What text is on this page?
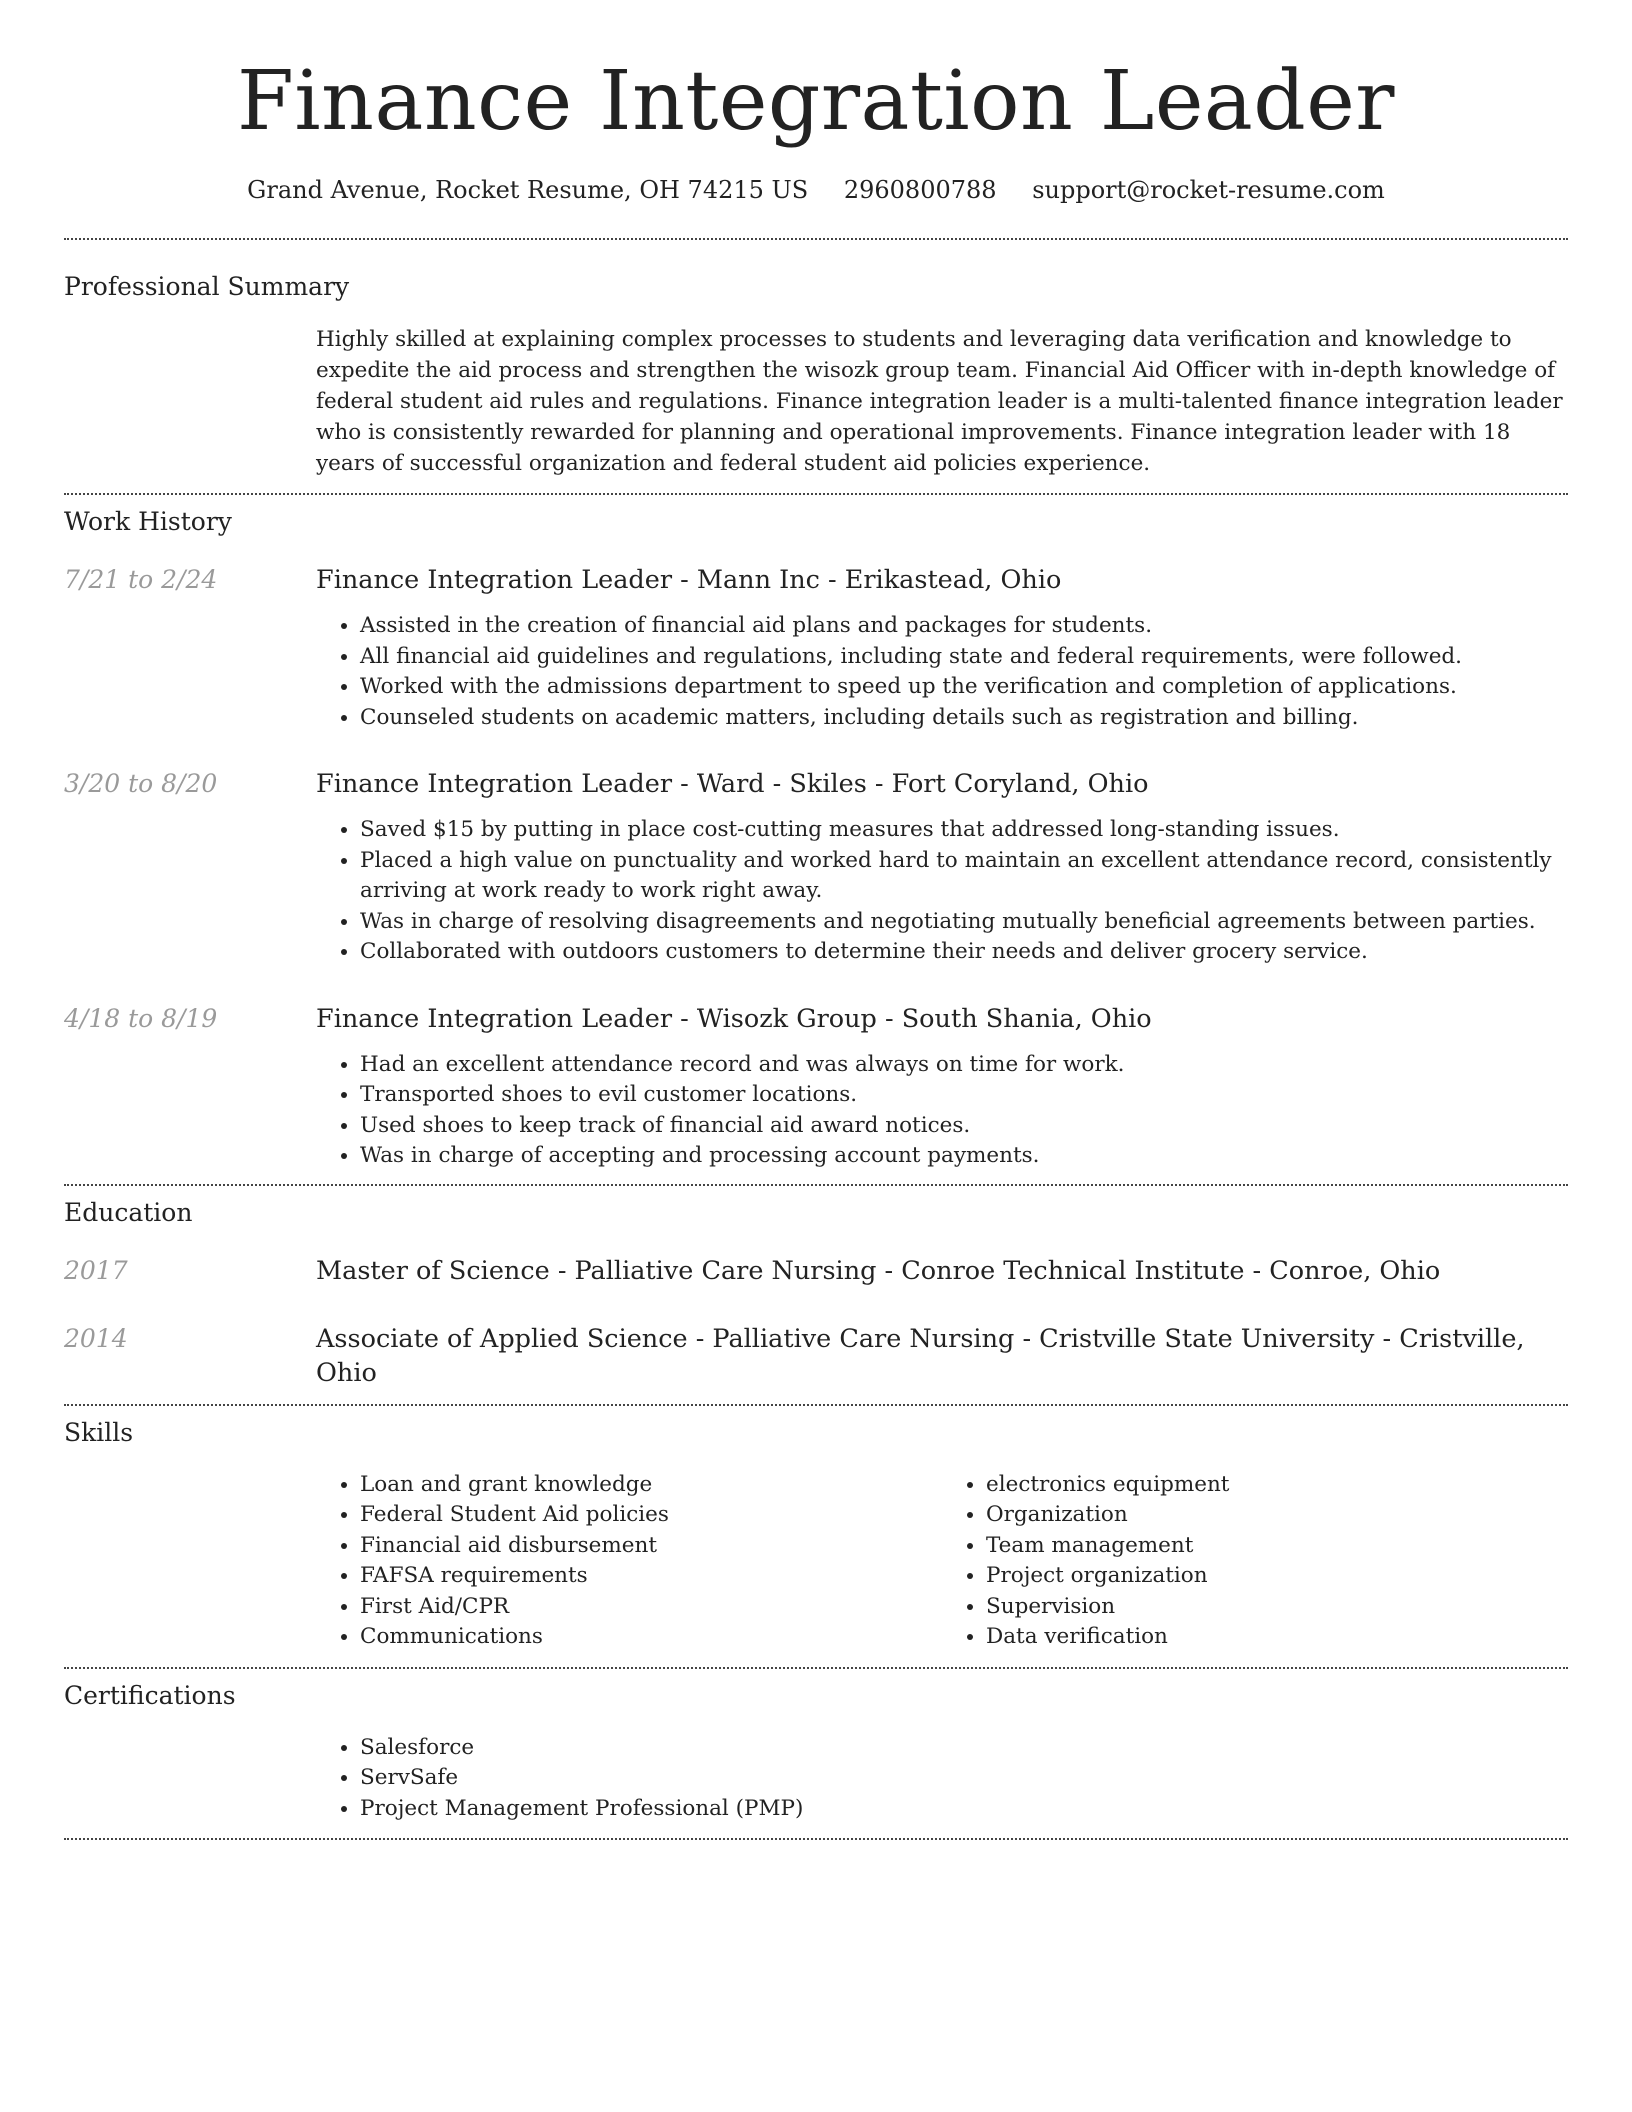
Finance Integration Leader
Grand Avenue, Rocket Resume, OH 74215 US 2960800788 support@rocket-resume.com
Professional Summary

Highly skilled at explaining complex processes to students and leveraging data verification and knowledge to expedite the aid process and strengthen the wisozk group team. Financial Aid Officer with in-depth knowledge of federal student aid rules and regulations. Finance integration leader is a multi-talented finance integration leader who is consistently rewarded for planning and operational improvements. Finance integration leader with 18 years of successful organization and federal student aid policies experience.

Work History
7/21 to 2/24	Finance Integration Leader - Mann Inc - Erikastead, Ohio
• Assisted in the creation of financial aid plans and packages for students.
• All financial aid guidelines and regulations, including state and federal requirements, were followed.
• Worked with the admissions department to speed up the verification and completion of applications.
• Counseled students on academic matters, including details such as registration and billing.
3/20 to 8/20	Finance Integration Leader - Ward - Skiles - Fort Coryland, Ohio
• Saved $15 by putting in place cost-cutting measures that addressed long-standing issues.
• Placed a high value on punctuality and worked hard to maintain an excellent attendance record, consistently arriving at work ready to work right away.
• Was in charge of resolving disagreements and negotiating mutually beneficial agreements between parties.
• Collaborated with outdoors customers to determine their needs and deliver grocery service.
4/18 to 8/19	Finance Integration Leader - Wisozk Group - South Shania, Ohio
• Had an excellent attendance record and was always on time for work.
• Transported shoes to evil customer locations.
• Used shoes to keep track of financial aid award notices.
• Was in charge of accepting and processing account payments.
Education
2017	Master of Science - Palliative Care Nursing - Conroe Technical Institute - Conroe, Ohio
2014	Associate of Applied Science - Palliative Care Nursing - Cristville State University - Cristville, Ohio
Skills
• Loan and grant knowledge
• Federal Student Aid policies
• Financial aid disbursement
• FAFSA requirements
• First Aid/CPR
• Communications
• electronics equipment
• Organization
• Team management
• Project organization
• Supervision
• Data verification
Certifications
• Salesforce
• ServSafe
• Project Management Professional (PMP)
